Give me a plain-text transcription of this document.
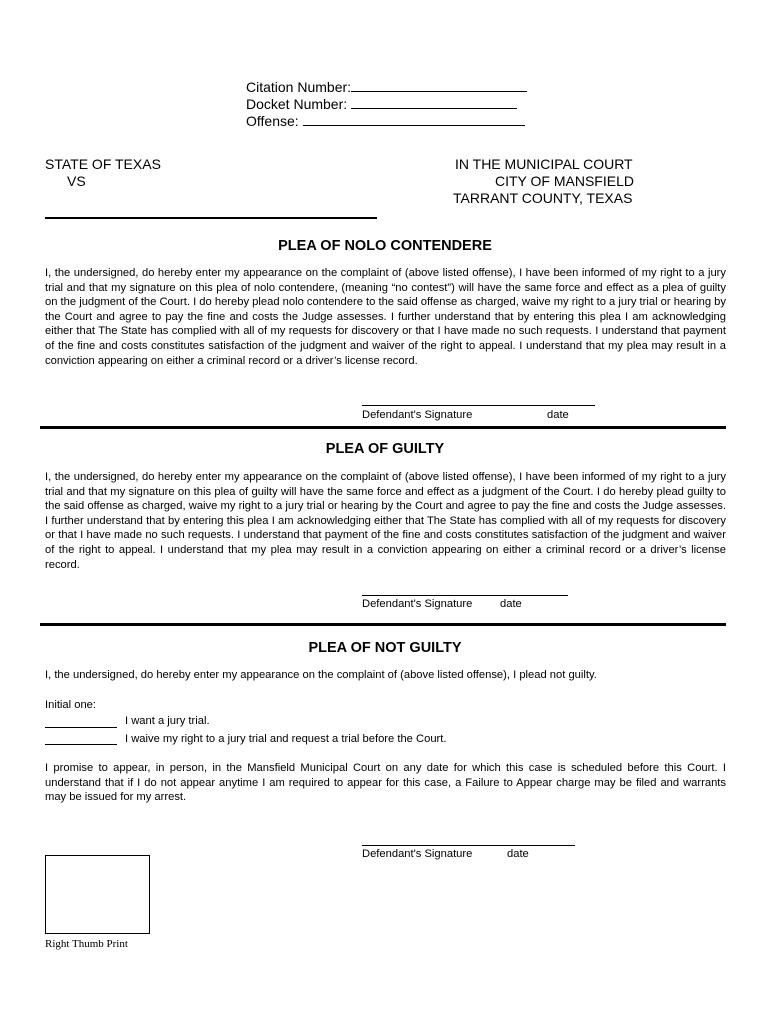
Citation Number:
Docket Number:
Offense:
STATE OF TEXAS
VS
IN THE MUNICIPAL COURT
CITY OF MANSFIELD
TARRANT COUNTY, TEXAS
PLEA OF NOLO CONTENDERE

I, the undersigned, do hereby enter my appearance on the complaint of (above listed offense), I have been informed of my right to a jury trial and that my signature on this plea of nolo contendere, (meaning “no contest”) will have the same force and effect as a plea of guilty on the judgment of the Court. I do hereby plead nolo contendere to the said offense as charged, waive my right to a jury trial or hearing by the Court and agree to pay the fine and costs the Judge assesses. I further understand that by entering this plea I am acknowledging either that The State has complied with all of my requests for discovery or that I have made no such requests. I understand that payment of the fine and costs constitutes satisfaction of the judgment and waiver of the right to appeal. I understand that my plea may result in a conviction appearing on either a criminal record or a driver’s license record.

Defendant's Signature	date
PLEA OF GUILTY

I, the undersigned, do hereby enter my appearance on the complaint of (above listed offense), I have been informed of my right to a jury trial and that my signature on this plea of guilty will have the same force and effect as a judgment of the Court. I do hereby plead guilty to the said offense as charged, waive my right to a jury trial or hearing by the Court and agree to pay the fine and costs the Judge assesses. I further understand that by entering this plea I am acknowledging either that The State has complied with all of my requests for discovery or that I have made no such requests. I understand that payment of the fine and costs constitutes satisfaction of the judgment and waiver of the right to appeal. I understand that my plea may result in a conviction appearing on either a criminal record or a driver’s license record.

Defendant's Signature date
PLEA OF NOT GUILTY

I, the undersigned, do hereby enter my appearance on the complaint of (above listed offense), I plead not guilty.

Initial one:
I want a jury trial.
I waive my right to a jury trial and request a trial before the Court.

I promise to appear, in person, in the Mansfield Municipal Court on any date for which this case is scheduled before this Court. I understand that if I do not appear anytime I am required to appear for this case, a Failure to Appear charge may be filed and warrants may be issued for my arrest.

Defendant's Signature	date
Right Thumb Print
